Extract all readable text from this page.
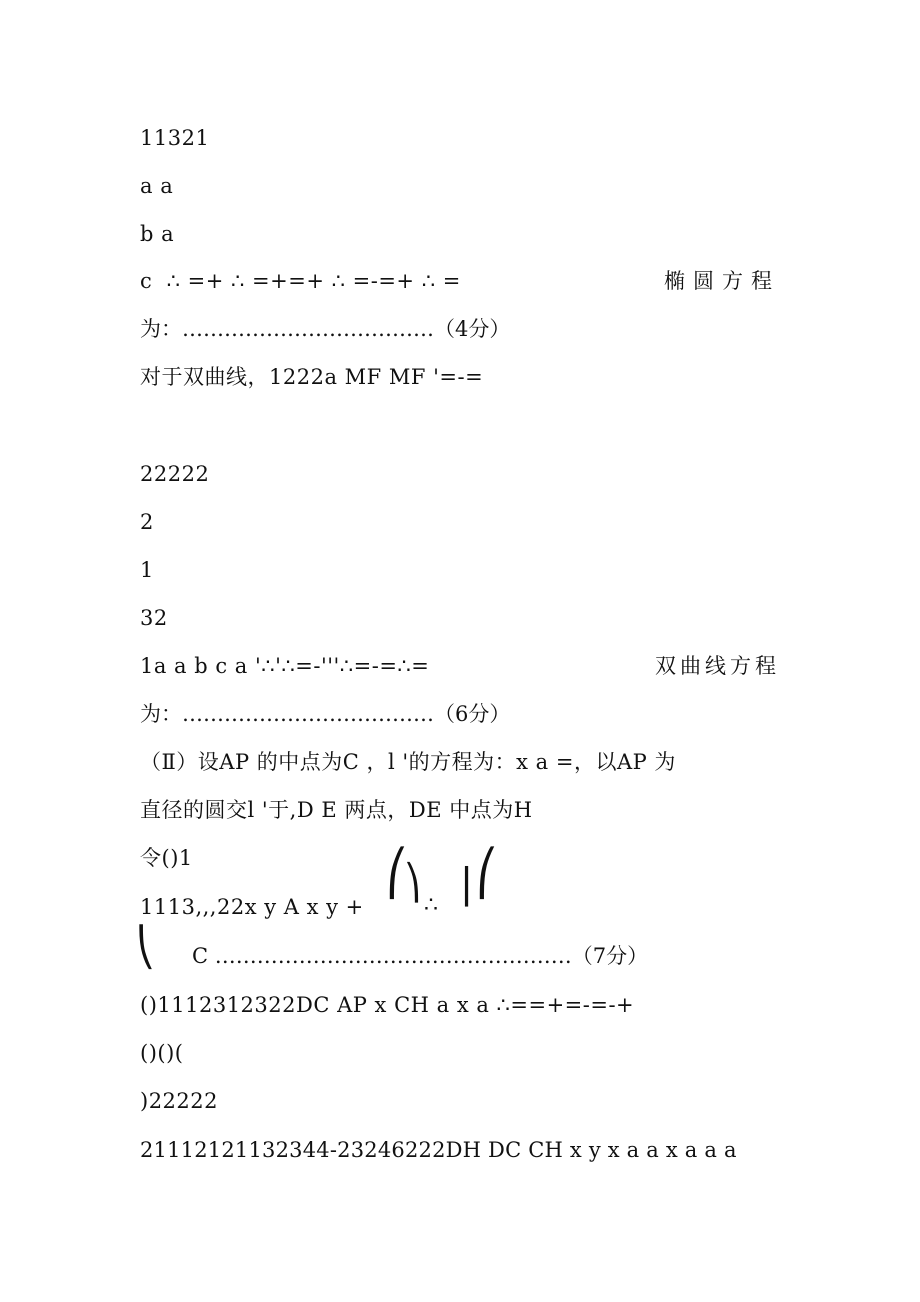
11321
a a
b a
c  ∴ =+ ∴ =+=+ ∴ =-=+ ∴ =	椭圆方程
为：………………………………（4分）
对于双曲线，1222a MF MF '=-=
22222
2
1
32
1a a b c a '∴'∴=-'''∴=-=∴=	双曲线方程
为：………………………………（6分）
（Ⅱ）设AP 的中点为C ，l '的方程为：x a =，以AP 为
直径的圆交l '于,D E 两点，DE 中点为H
令()1
1113,,,22x y A x y +
⎛
⎞
∴ ⎜
⎛
⎝ C ……………………………………………（7分）
()1112312322DC AP x CH a x a ∴==+=-=-+
()()(
)22222
21112121132344-23246222DH DC CH x y x a a x a a a
